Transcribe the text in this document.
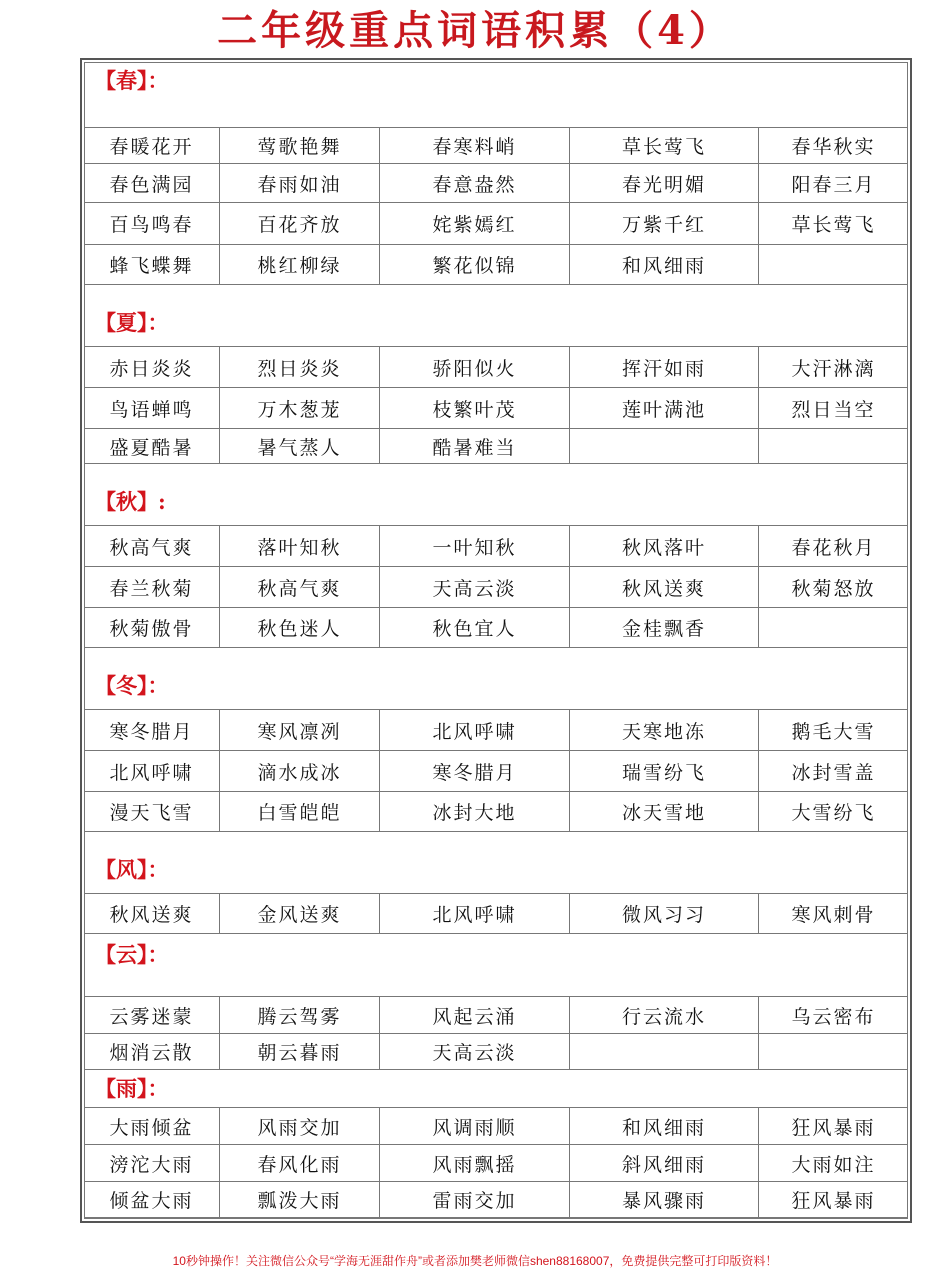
二年级重点词语积累（4）
【春】：
春暖花开	莺歌艳舞	春寒料峭	草长莺飞	春华秋实
春色满园	春雨如油	春意盎然	春光明媚	阳春三月
百鸟鸣春	百花齐放	姹紫嫣红	万紫千红	草长莺飞
蜂飞蝶舞	桃红柳绿	繁花似锦	和风细雨
【夏】：
赤日炎炎	烈日炎炎	骄阳似火	挥汗如雨	大汗淋漓
鸟语蝉鸣	万木葱茏	枝繁叶茂	莲叶满池	烈日当空
盛夏酷暑	暑气蒸人	酷暑难当
【秋】:
秋高气爽	落叶知秋	一叶知秋	秋风落叶	春花秋月
春兰秋菊	秋高气爽	天高云淡	秋风送爽	秋菊怒放
秋菊傲骨	秋色迷人	秋色宜人	金桂飘香
【冬】：
寒冬腊月	寒风凛冽	北风呼啸	天寒地冻	鹅毛大雪
北风呼啸	滴水成冰	寒冬腊月	瑞雪纷飞	冰封雪盖
漫天飞雪	白雪皑皑	冰封大地	冰天雪地	大雪纷飞
【风】：
秋风送爽	金风送爽	北风呼啸	微风习习	寒风刺骨
【云】：
云雾迷蒙	腾云驾雾	风起云涌	行云流水	乌云密布
烟消云散	朝云暮雨	天高云淡
【雨】：
大雨倾盆	风雨交加	风调雨顺	和风细雨	狂风暴雨
滂沱大雨	春风化雨	风雨飘摇	斜风细雨	大雨如注
倾盆大雨	瓢泼大雨	雷雨交加	暴风骤雨	狂风暴雨
10秒钟操作！关注微信公众号“学海无涯甜作舟”或者添加樊老师微信shen88168007，免费提供完整可打印版资料！
